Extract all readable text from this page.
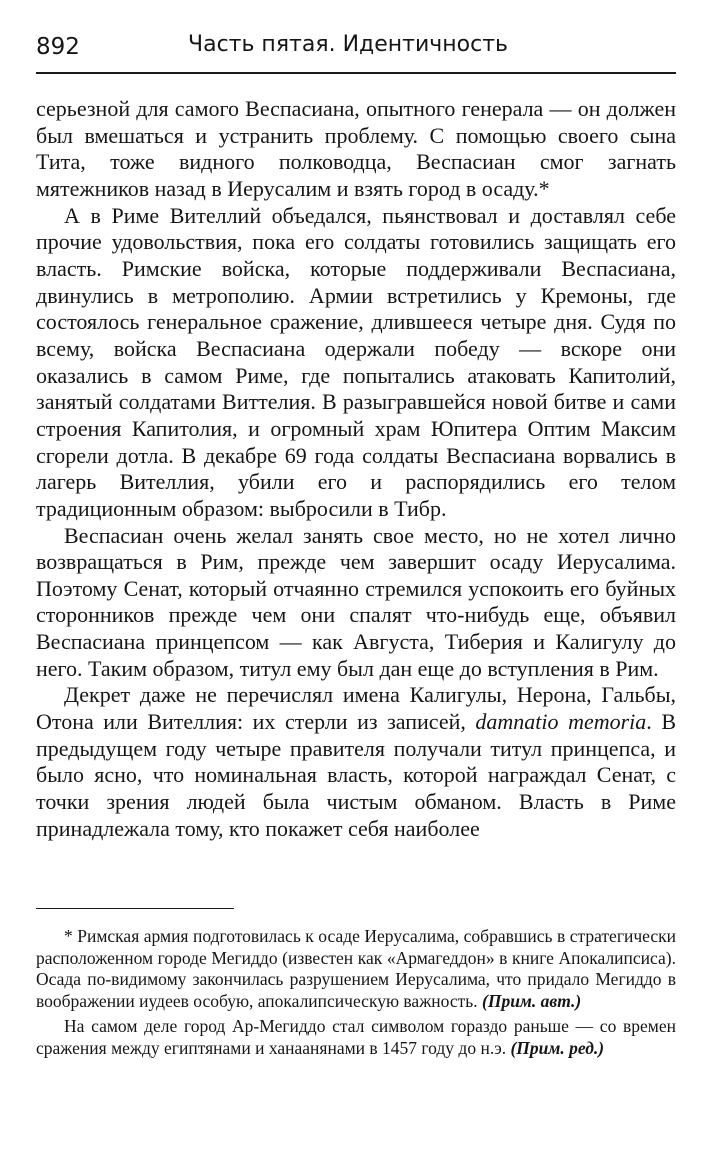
892	Часть пятая. Идентичность

серьезной для самого Веспасиана, опытного генерала — он должен был вмешаться и устранить проблему. С помощью своего сына Тита, тоже видного полководца, Веспасиан смог загнать мятежников назад в Иерусалим и взять город в осаду.*

А в Риме Вителлий объедался, пьянствовал и доставлял себе прочие удовольствия, пока его солдаты готовились защищать его власть. Римские войска, которые поддерживали Веспасиана, двинулись в метрополию. Армии встретились у Кремоны, где состоялось генеральное сражение, длившееся четыре дня. Судя по всему, войска Веспасиана одержали победу — вскоре они оказались в самом Риме, где попытались атаковать Капитолий, занятый солдатами Виттелия. В разыгравшейся новой битве и сами строения Капитолия, и огромный храм Юпитера Оптим Максим сгорели дотла. В декабре 69 года солдаты Веспасиана ворвались в лагерь Вителлия, убили его и распорядились его телом традиционным образом: выбросили в Тибр.

Веспасиан очень желал занять свое место, но не хотел лично возвращаться в Рим, прежде чем завершит осаду Иерусалима. Поэтому Сенат, который отчаянно стремился успокоить его буйных сторонников прежде чем они спалят что-нибудь еще, объявил Веспасиана принцепсом — как Августа, Тиберия и Калигулу до него. Таким образом, титул ему был дан еще до вступления в Рим.

Декрет даже не перечислял имена Калигулы, Нерона, Гальбы, Отона или Вителлия: их стерли из записей, damnatio memoria. В предыдущем году четыре правителя получали титул принцепса, и было ясно, что номинальная власть, которой награждал Сенат, с точки зрения людей была чистым обманом. Власть в Риме принадлежала тому, кто покажет себя наиболее

* Римская армия подготовилась к осаде Иерусалима, собравшись в стратегически расположенном городе Мегиддо (известен как «Армагеддон» в книге Апокалипсиса). Осада по-видимому закончилась разрушением Иерусалима, что придало Мегиддо в воображении иудеев особую, апокалипсическую важность. (Прим. авт.)

На самом деле город Ар-Мегиддо стал символом гораздо раньше — со времен сражения между египтянами и ханаанянами в 1457 году до н.э. (Прим. ред.)
